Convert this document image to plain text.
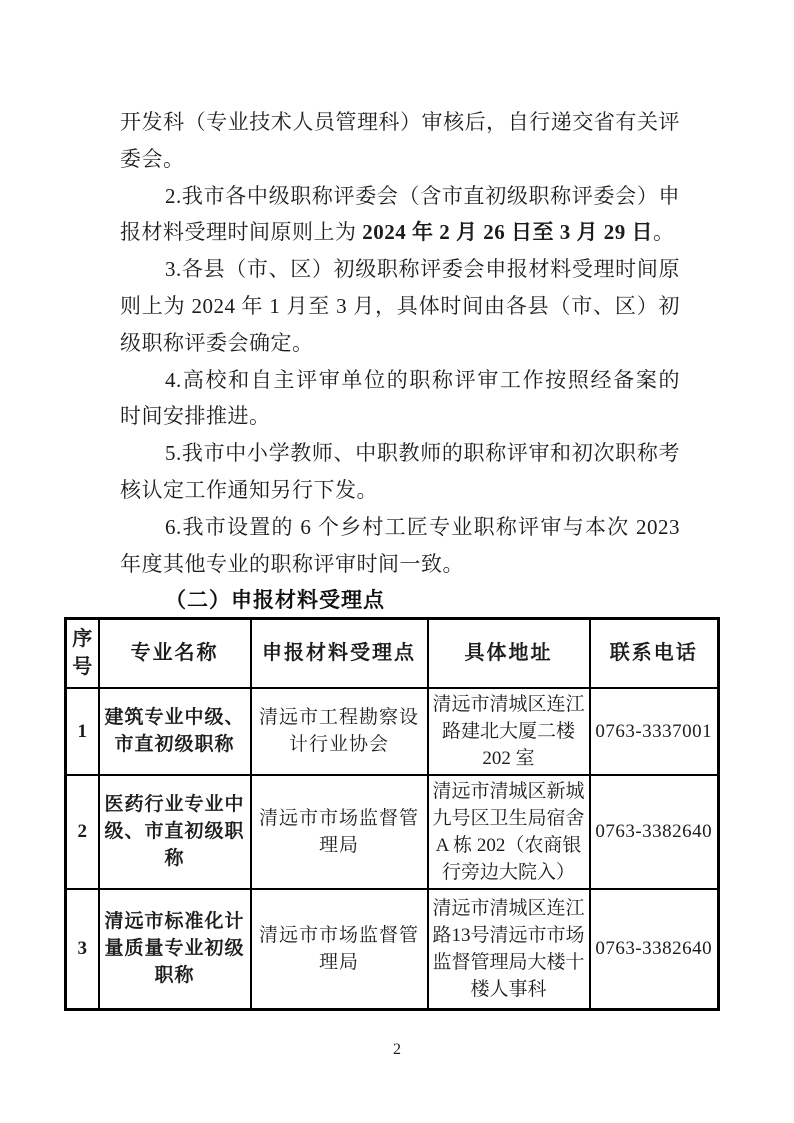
开发科（专业技术人员管理科）审核后，自行递交省有关评
委会。
2.我市各中级职称评委会（含市直初级职称评委会）申
报材料受理时间原则上为 2024 年 2 月 26 日至 3 月 29 日。
3.各县（市、区）初级职称评委会申报材料受理时间原
则上为 2024 年 1 月至 3 月，具体时间由各县（市、区）初
级职称评委会确定。
4.高校和自主评审单位的职称评审工作按照经备案的
时间安排推进。
5.我市中小学教师、中职教师的职称评审和初次职称考
核认定工作通知另行下发。
6.我市设置的 6 个乡村工匠专业职称评审与本次 2023
年度其他专业的职称评审时间一致。
（二）申报材料受理点
序号	专业名称	申报材料受理点	具体地址	联系电话
1	建筑专业中级、市直初级职称	清远市工程勘察设计行业协会	清远市清城区连江路建北大厦二楼 202 室	0763-3337001
2	医药行业专业中级、市直初级职称	清远市市场监督管理局	清远市清城区新城九号区卫生局宿舍 A 栋 202（农商银行旁边大院入）	0763-3382640
3	清远市标准化计量质量专业初级职称	清远市市场监督管理局	清远市清城区连江路13号清远市市场监督管理局大楼十楼人事科	0763-3382640
2
